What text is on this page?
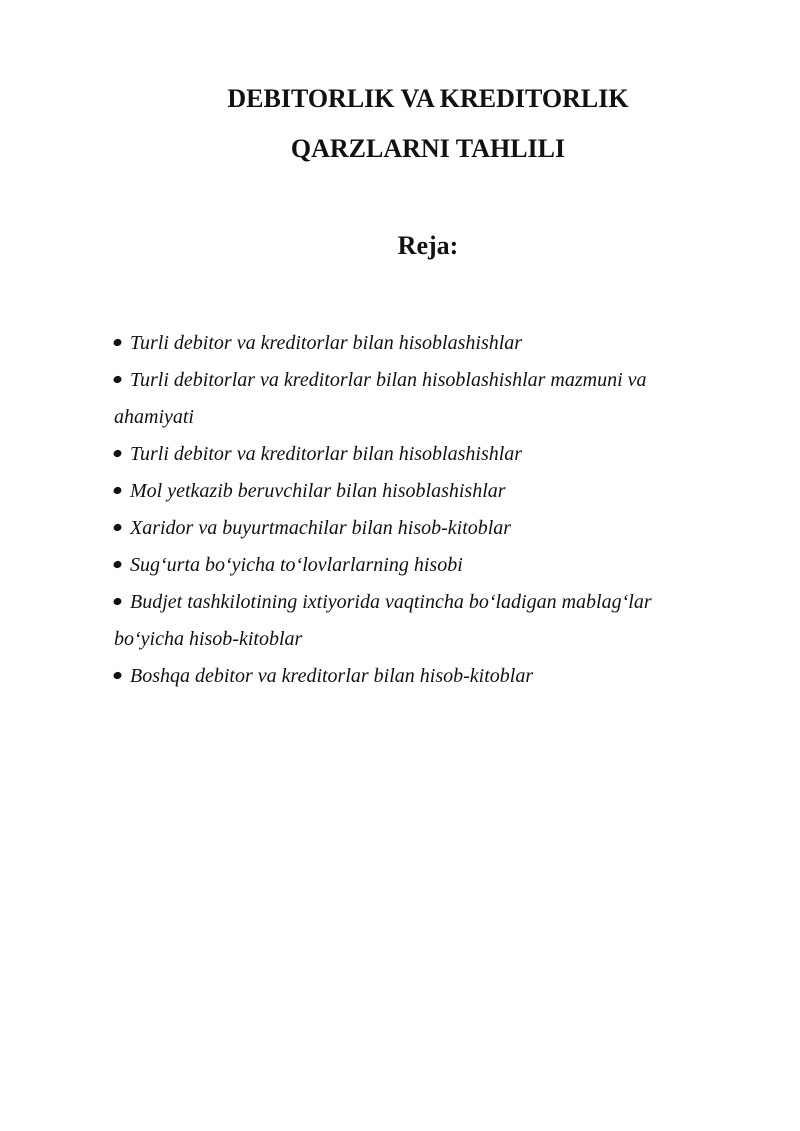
DEBITORLIK VA KREDITORLIK
QARZLARNI TAHLILI
Reja:
Turli debitor va kreditorlar bilan hisoblashishlar
Turli debitorlar va kreditorlar bilan hisoblashishlar mazmuni va ahamiyati
Turli debitor va kreditorlar bilan hisoblashishlar
Mol yetkazib beruvchilar bilan hisoblashishlar
Xaridor va buyurtmachilar bilan hisob-kitoblar
Sug‘urta bo‘yicha to‘lovlarlarning hisobi
Budjet tashkilotining ixtiyorida vaqtincha bo‘ladigan mablag‘lar bo‘yicha hisob-kitoblar
Boshqa debitor va kreditorlar bilan hisob-kitoblar
